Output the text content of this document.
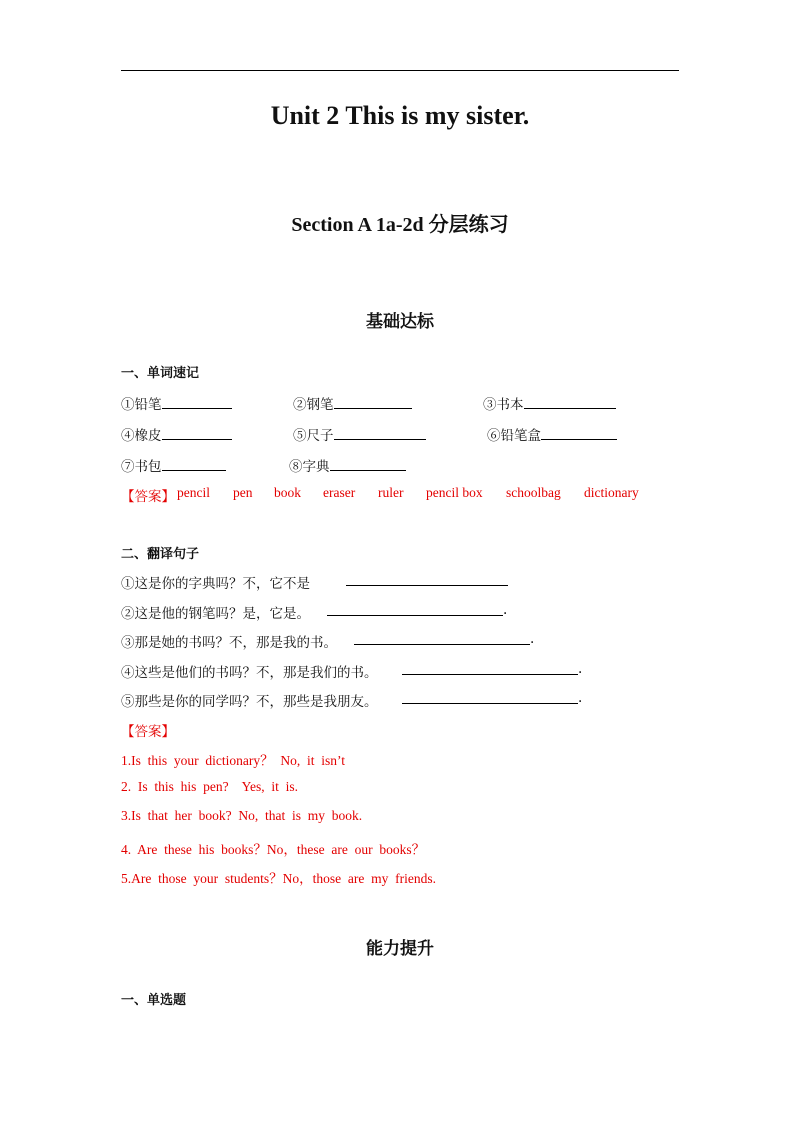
Unit 2 This is my sister.
Section A 1a-2d 分层练习
基础达标
一、单词速记
①铅笔	②钢笔	③书本
④橡皮	⑤尺子	⑥铅笔盒
⑦书包	⑧字典
【答案】 pencil pen book eraser ruler pencil box schoolbag dictionary
二、翻译句子
①这是你的字典吗？不，它不是
②这是他的钢笔吗？是，它是。	.
③那是她的书吗？不，那是我的书。	.
④这些是他们的书吗？不，那是我们的书。	.
⑤那些是你的同学吗？不，那些是我朋友。	.
【答案】
1.Is  this  your  dictionary？  No,  it  isn’t
2.  Is  this  his  pen?    Yes,  it  is.
3.Is  that  her  book?  No,  that  is  my  book.
4.  Are  these  his  books？No，these  are  our  books？
5.Are  those  your  students？No，those  are  my  friends.
能力提升
一、单选题
